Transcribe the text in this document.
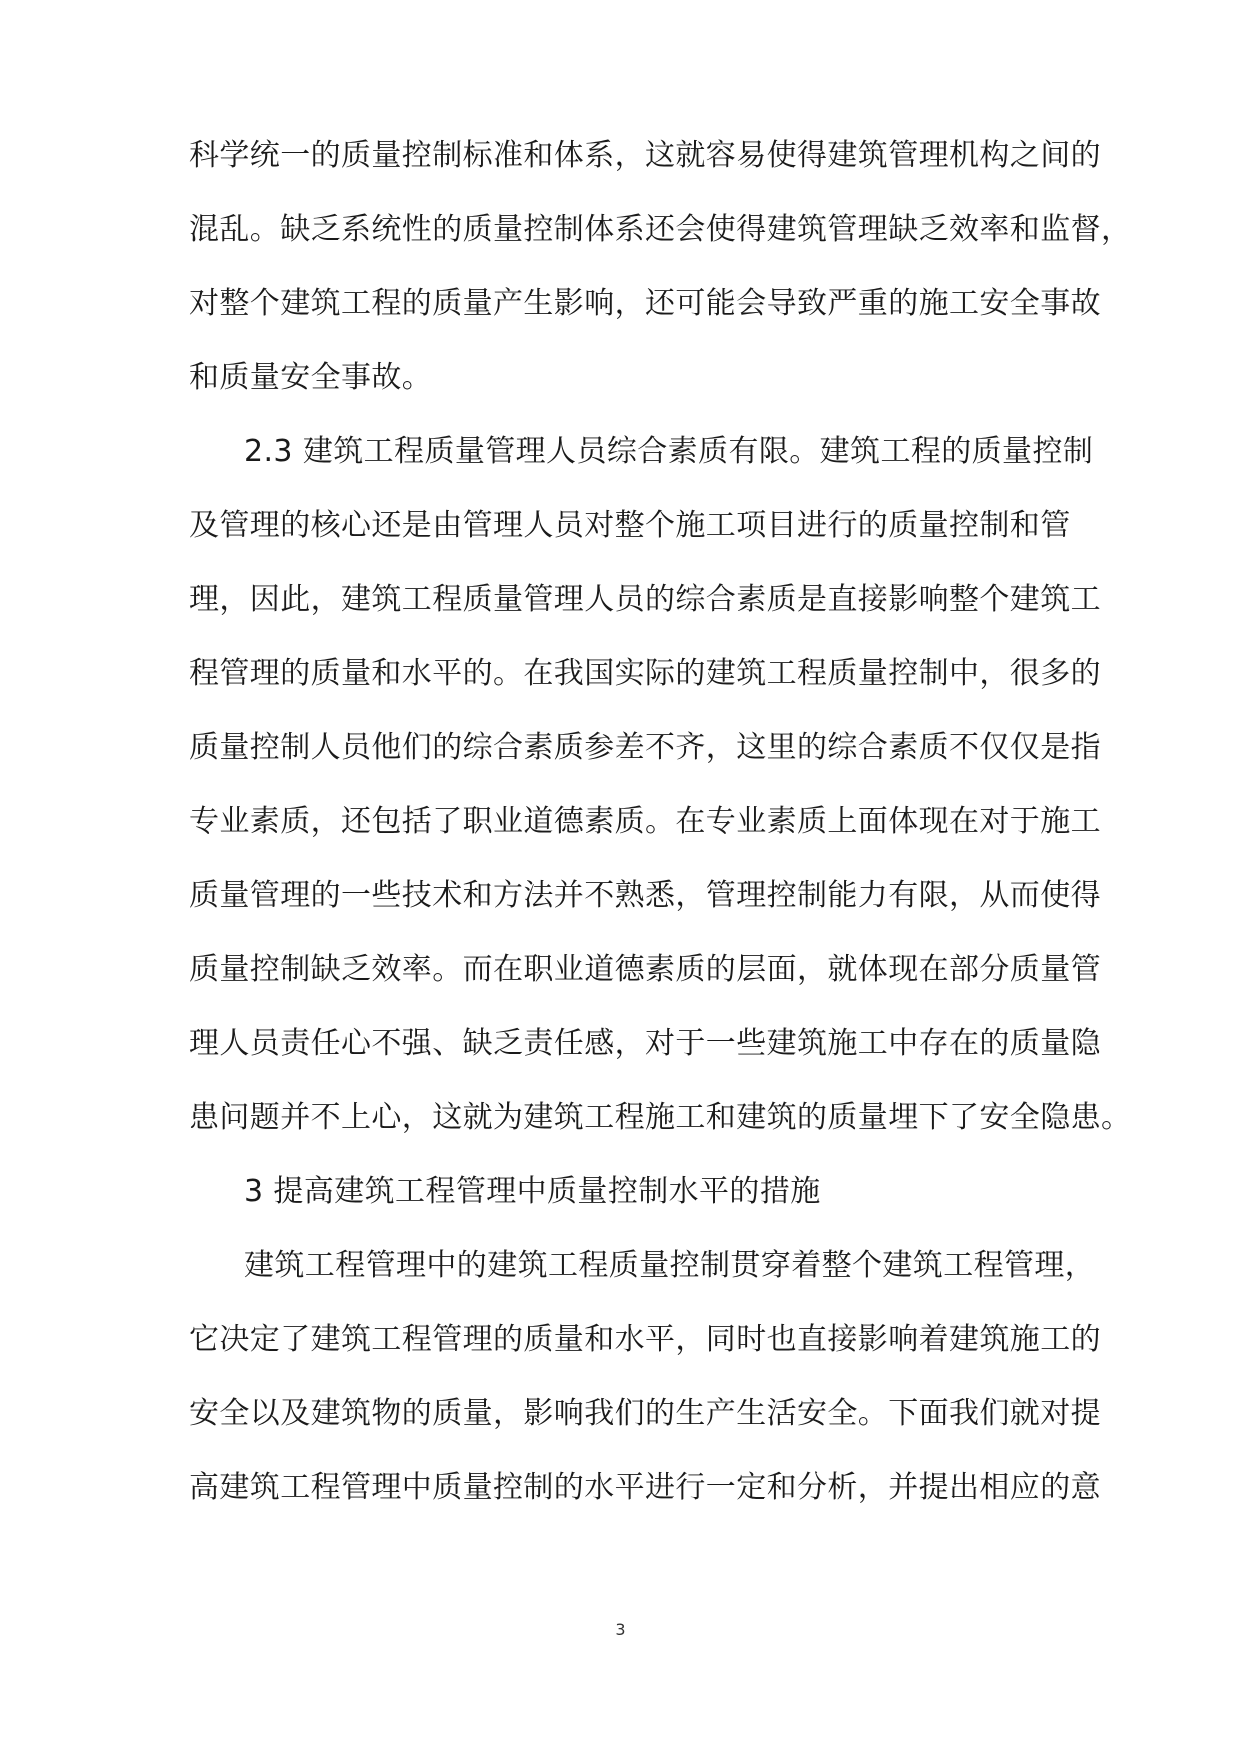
科学统一的质量控制标准和体系，这就容易使得建筑管理机构之间的
混乱。缺乏系统性的质量控制体系还会使得建筑管理缺乏效率和监督，
对整个建筑工程的质量产生影响，还可能会导致严重的施工安全事故
和质量安全事故。
2.3 建筑工程质量管理人员综合素质有限。建筑工程的质量控制
及管理的核心还是由管理人员对整个施工项目进行的质量控制和管
理，因此，建筑工程质量管理人员的综合素质是直接影响整个建筑工
程管理的质量和水平的。在我国实际的建筑工程质量控制中，很多的
质量控制人员他们的综合素质参差不齐，这里的综合素质不仅仅是指
专业素质，还包括了职业道德素质。在专业素质上面体现在对于施工
质量管理的一些技术和方法并不熟悉，管理控制能力有限，从而使得
质量控制缺乏效率。而在职业道德素质的层面，就体现在部分质量管
理人员责任心不强、缺乏责任感，对于一些建筑施工中存在的质量隐
患问题并不上心，这就为建筑工程施工和建筑的质量埋下了安全隐患。
3 提高建筑工程管理中质量控制水平的措施
建筑工程管理中的建筑工程质量控制贯穿着整个建筑工程管理，
它决定了建筑工程管理的质量和水平，同时也直接影响着建筑施工的
安全以及建筑物的质量，影响我们的生产生活安全。下面我们就对提
高建筑工程管理中质量控制的水平进行一定和分析，并提出相应的意
3
